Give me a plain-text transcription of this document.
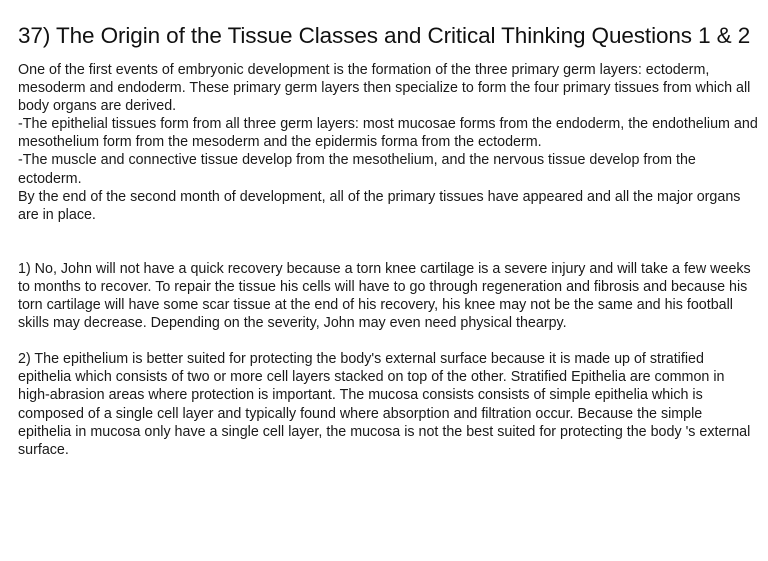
37) The Origin of the Tissue Classes and Critical Thinking Questions 1 & 2

One of the first events of embryonic development is the formation of the three primary germ layers: ectoderm, mesoderm and endoderm. These primary germ layers then specialize to form the four primary tissues from which all body organs are derived.

-The epithelial tissues form from all three germ layers: most mucosae forms from the endoderm, the endothelium and mesothelium form from the mesoderm and the epidermis forma from the ectoderm.

-The muscle and connective tissue develop from the mesothelium, and the nervous tissue develop from the ectoderm.

By the end of the second month of development, all of the primary tissues have appeared and all the major organs are in place.

1) No, John will not have a quick recovery because a torn knee cartilage is a severe injury and will take a few weeks to months to recover. To repair the tissue his cells will have to go through regeneration and fibrosis and because his torn cartilage will have some scar tissue at the end of his recovery, his knee may not be the same and his football skills may decrease. Depending on the severity, John may even need physical thearpy.

2) The epithelium is better suited for protecting the body's external surface because it is made up of stratified epithelia which consists of two or more cell layers stacked on top of the other. Stratified Epithelia are common in high-abrasion areas where protection is important. The mucosa consists consists of simple epithelia which is composed of a single cell layer and typically found where absorption and filtration occur. Because the simple epithelia in mucosa only have a single cell layer, the mucosa is not the best suited for protecting the body 's external surface.
